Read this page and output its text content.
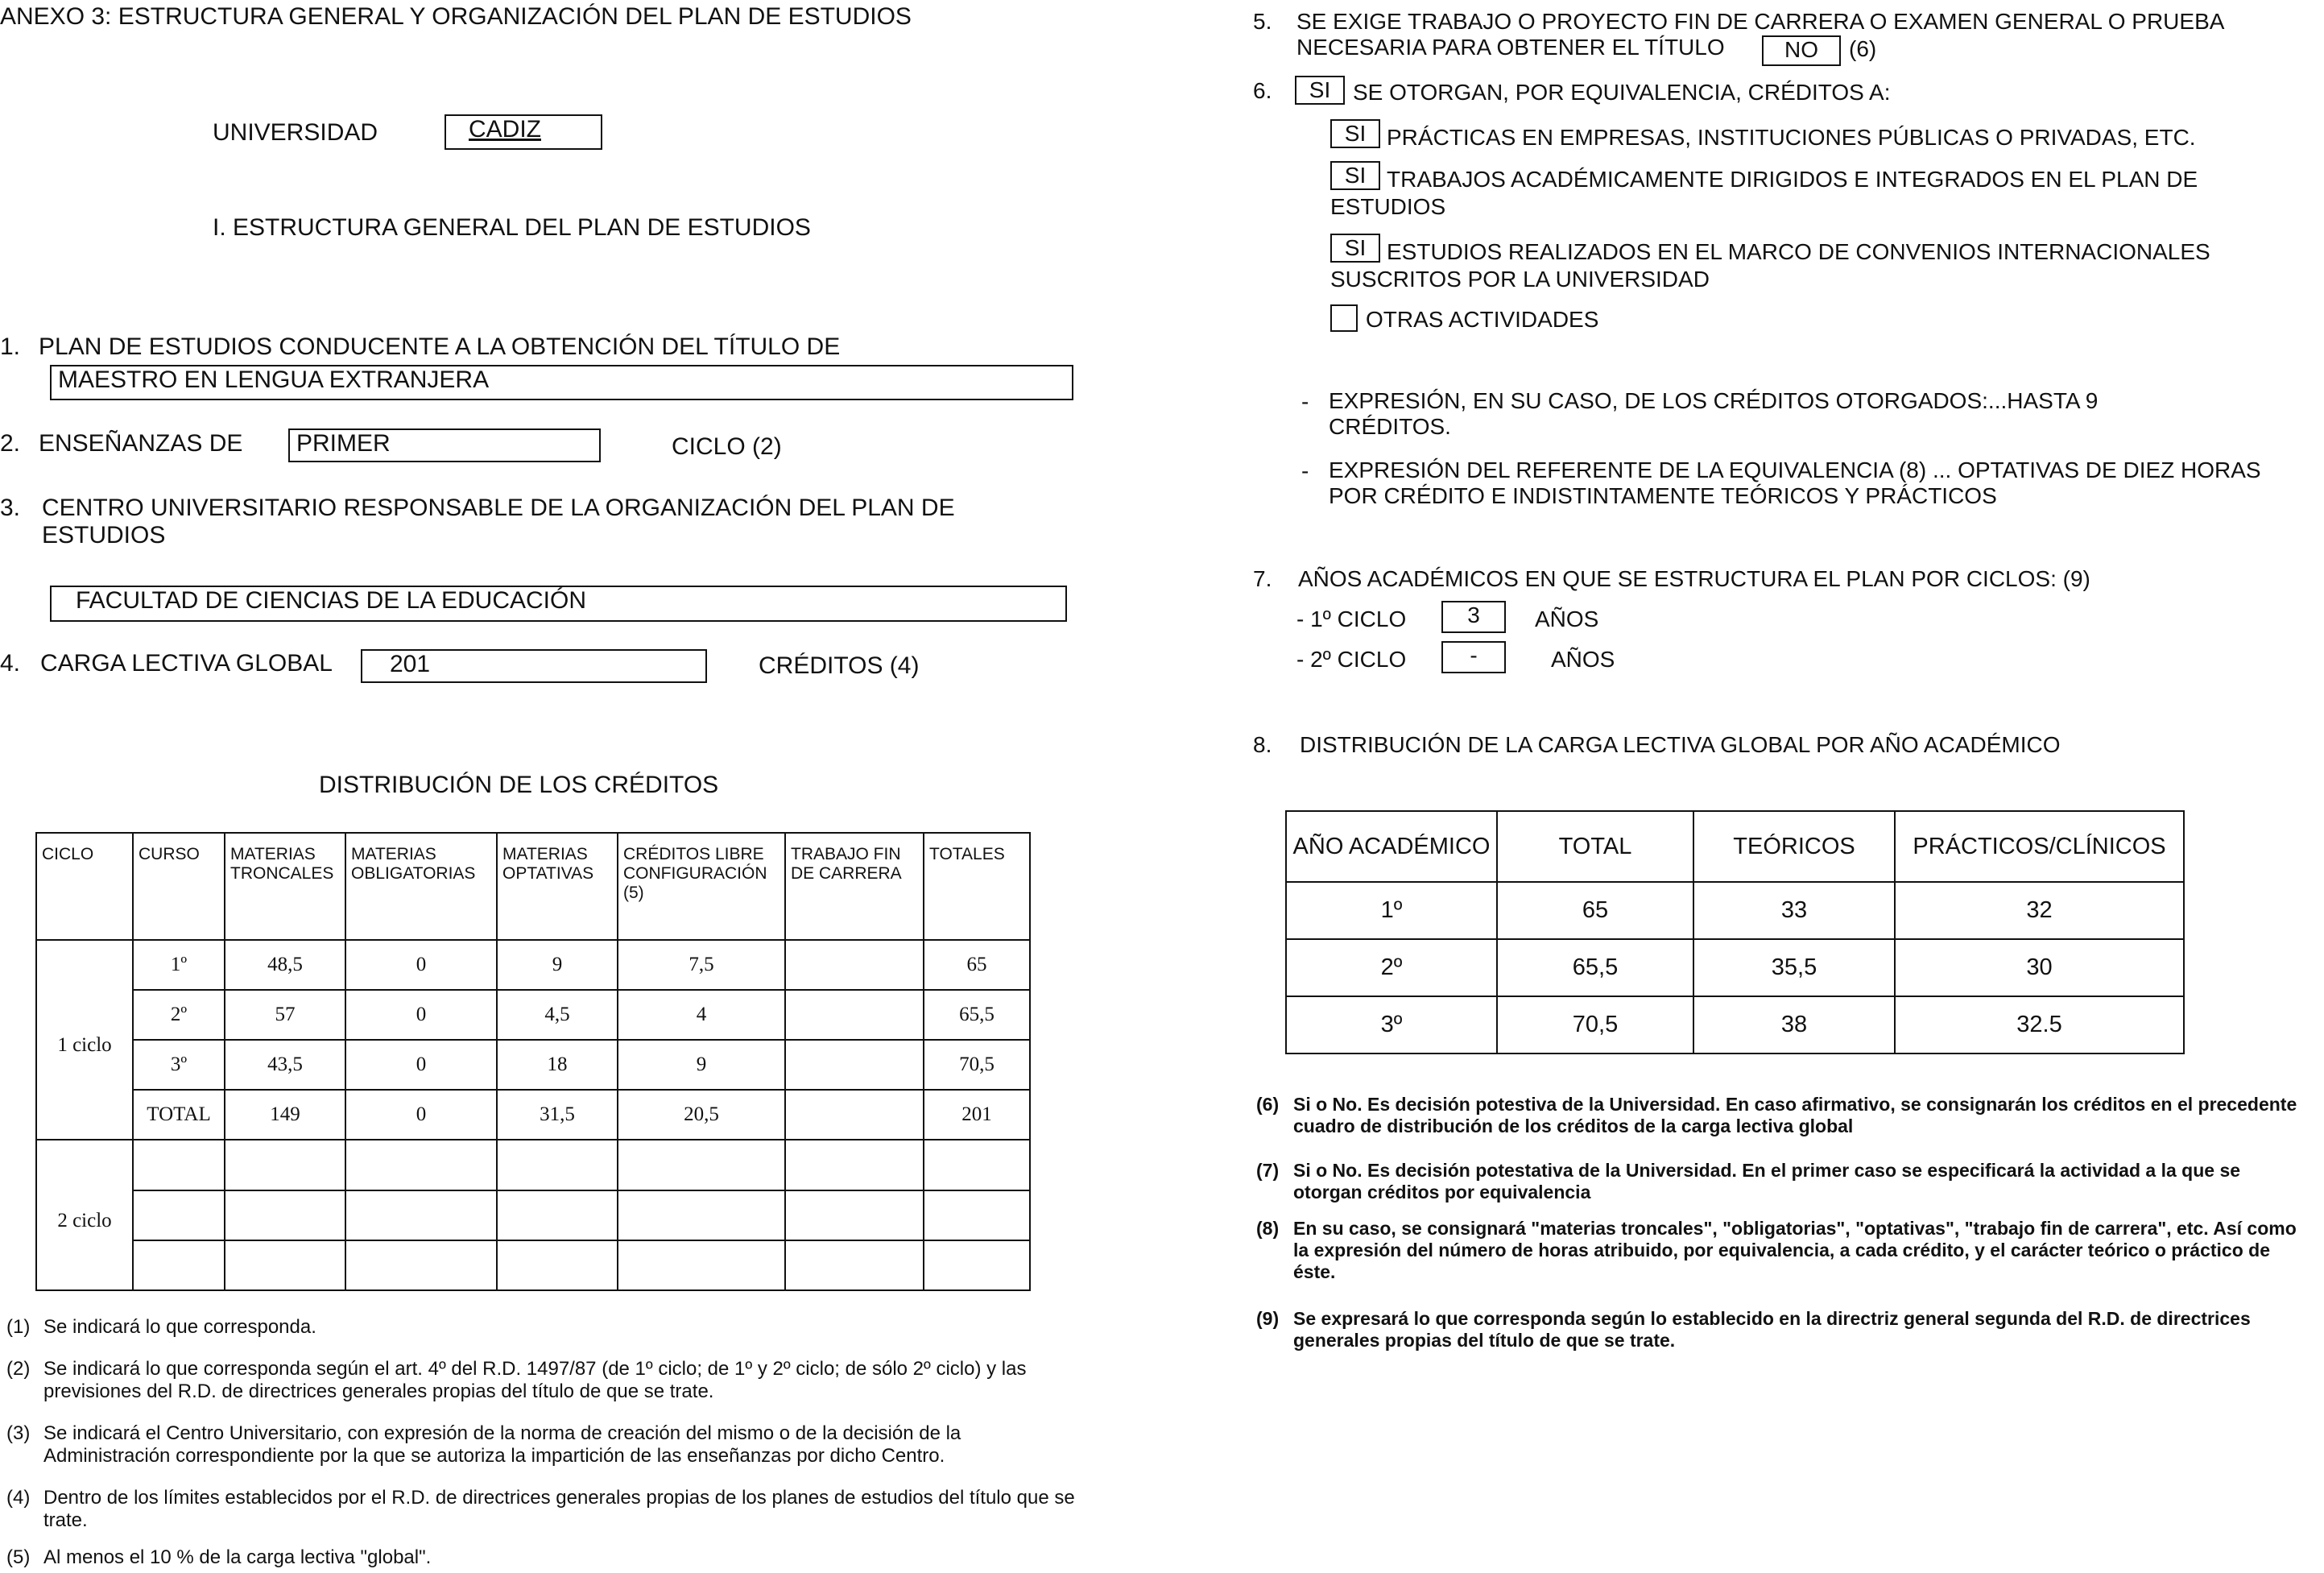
ANEXO 3: ESTRUCTURA GENERAL Y ORGANIZACIÓN DEL PLAN DE ESTUDIOS
UNIVERSIDAD	CADIZ
I. ESTRUCTURA GENERAL DEL PLAN DE ESTUDIOS
1. PLAN DE ESTUDIOS CONDUCENTE A LA OBTENCIÓN DEL TÍTULO DE
MAESTRO EN LENGUA EXTRANJERA
2. ENSEÑANZAS DE	PRIMER	CICLO (2)
3. CENTRO UNIVERSITARIO RESPONSABLE DE LA ORGANIZACIÓN DEL PLAN DE ESTUDIOS
FACULTAD DE CIENCIAS DE LA EDUCACIÓN
4. CARGA LECTIVA GLOBAL	201	CRÉDITOS (4)
DISTRIBUCIÓN DE LOS CRÉDITOS
CICLO	CURSO	MATERIAS TRONCALES	MATERIAS OBLIGATORIAS	MATERIAS OPTATIVAS	CRÉDITOS LIBRE CONFIGURACIÓN (5)	TRABAJO FIN DE CARRERA	TOTALES
1 ciclo	1º	48,5	0	9	7,5		65
	2º	57	0	4,5	4		65,5
	3º	43,5	0	18	9		70,5
	TOTAL	149	0	31,5	20,5		201
2 ciclo							

(1) Se indicará lo que corresponda.
(2) Se indicará lo que corresponda según el art. 4º del R.D. 1497/87 (de 1º ciclo; de 1º y 2º ciclo; de sólo 2º ciclo) y las previsiones del R.D. de directrices generales propias del título de que se trate.
(3) Se indicará el Centro Universitario, con expresión de la norma de creación del mismo o de la decisión de la Administración correspondiente por la que se autoriza la impartición de las enseñanzas por dicho Centro.
(4) Dentro de los límites establecidos por el R.D. de directrices generales propias de los planes de estudios del título que se trate.
(5) Al menos el 10 % de la carga lectiva "global".
5. SE EXIGE TRABAJO O PROYECTO FIN DE CARRERA O EXAMEN GENERAL O PRUEBA
NECESARIA PARA OBTENER EL TÍTULO	NO	(6)
6.	SI SE OTORGAN, POR EQUIVALENCIA, CRÉDITOS A:
SI PRÁCTICAS EN EMPRESAS, INSTITUCIONES PÚBLICAS O PRIVADAS, ETC.
SI TRABAJOS ACADÉMICAMENTE DIRIGIDOS E INTEGRADOS EN EL PLAN DE ESTUDIOS
SI ESTUDIOS REALIZADOS EN EL MARCO DE CONVENIOS INTERNACIONALES SUSCRITOS POR LA UNIVERSIDAD
OTRAS ACTIVIDADES
- EXPRESIÓN, EN SU CASO, DE LOS CRÉDITOS OTORGADOS:...HASTA 9 CRÉDITOS.
- EXPRESIÓN DEL REFERENTE DE LA EQUIVALENCIA (8) ... OPTATIVAS DE DIEZ HORAS POR CRÉDITO E INDISTINTAMENTE TEÓRICOS Y PRÁCTICOS
7. AÑOS ACADÉMICOS EN QUE SE ESTRUCTURA EL PLAN POR CICLOS: (9)
- 1º CICLO	3	AÑOS
- 2º CICLO	-	AÑOS
8. DISTRIBUCIÓN DE LA CARGA LECTIVA GLOBAL POR AÑO ACADÉMICO
AÑO ACADÉMICO	TOTAL	TEÓRICOS	PRÁCTICOS/CLÍNICOS
1º	65	33	32
2º	65,5	35,5	30
3º	70,5	38	32.5
(6) Si o No. Es decisión potestiva de la Universidad. En caso afirmativo, se consignarán los créditos en el precedente cuadro de distribución de los créditos de la carga lectiva global
(7) Si o No. Es decisión potestativa de la Universidad. En el primer caso se especificará la actividad a la que se otorgan créditos por equivalencia
(8) En su caso, se consignará "materias troncales", "obligatorias", "optativas", "trabajo fin de carrera", etc. Así como la expresión del número de horas atribuido, por equivalencia, a cada crédito, y el carácter teórico o práctico de éste.
(9) Se expresará lo que corresponda según lo establecido en la directriz general segunda del R.D. de directrices generales propias del título de que se trate.
